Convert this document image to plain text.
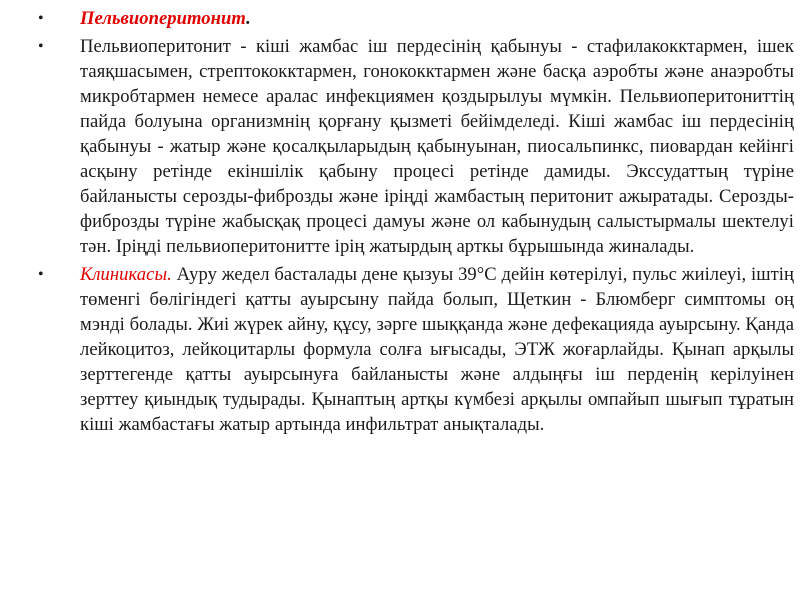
• Пельвиоперитонит.
• Пельвиоперитонит - кіші жамбас іш пердесінің қабынуы - стафилакокктармен, ішек таяқшасымен, стрептококктармен, гонококктармен және басқа аэробты және анаэробты микробтармен немесе аралас инфекциямен қоздырылуы мүмкін. Пельвиоперитониттің пайда болуына организмнің қорғану қызметі бейімделеді. Кіші жамбас іш пердесінің қабынуы - жатыр және қосалқыларыдың қабынуынан, пиосальпинкс, пиовардан кейінгі асқыну ретінде екіншілік қабыну процесі ретінде дамиды. Экссудаттың түріне байланысты серозды-фиброзды және іріңді жамбастың перитонит ажыратады. Серозды-фиброзды түріне жабысқақ процесі дамуы және ол кабынудың салыстырмалы шектелуі тән. Іріңді пельвиоперитонитте ірің жатырдың арткы бұрышында жиналады.
• Клиникасы. Ауру жедел басталады дене қызуы 39°С дейін көтерілуі, пульс жиілеуі, іштің төменгі бөлігіндегі қатты ауырсыну пайда болып, Щеткин - Блюмберг симптомы оң мэнді болады. Жиі жүрек айну, құсу, зәрге шыққанда және дефекацияда ауырсыну. Қанда лейкоцитоз, лейкоцитарлы формула солға ығысады, ЭТЖ жоғарлайды. Қынап арқылы зерттегенде қатты ауырсынуға байланысты және алдыңғы іш перденің керілуінен зерттеу қиындық тудырады. Қынаптың артқы күмбезі арқылы омпайып шығып тұратын кіші жамбастағы жатыр артында инфильтрат анықталады.
